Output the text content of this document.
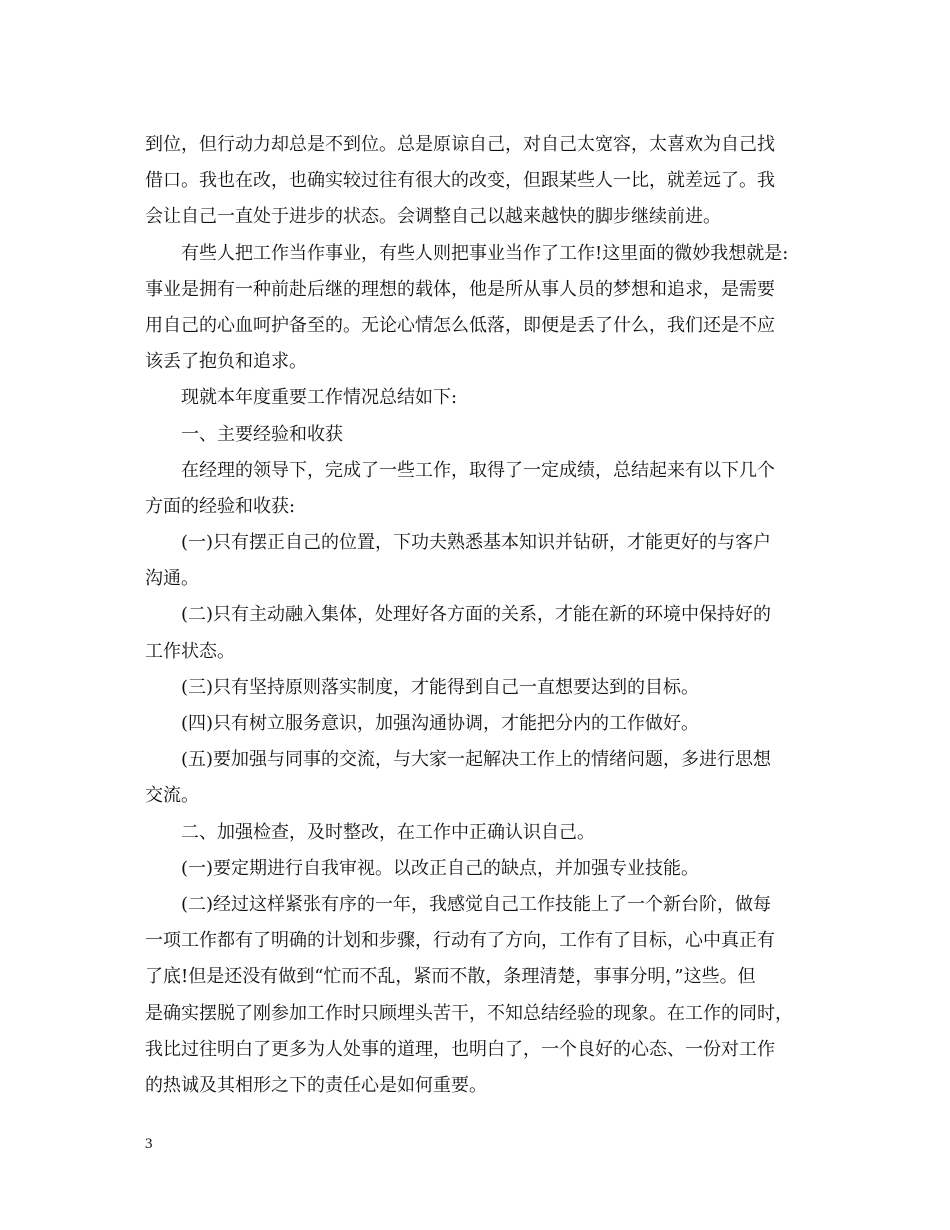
到位，但行动力却总是不到位。总是原谅自己，对自己太宽容，太喜欢为自己找
借口。我也在改，也确实较过往有很大的改变，但跟某些人一比，就差远了。我
会让自己一直处于进步的状态。会调整自己以越来越快的脚步继续前进。
有些人把工作当作事业，有些人则把事业当作了工作!这里面的微妙我想就是:
事业是拥有一种前赴后继的理想的载体，他是所从事人员的梦想和追求，是需要
用自己的心血呵护备至的。无论心情怎么低落，即便是丢了什么，我们还是不应
该丢了抱负和追求。
现就本年度重要工作情况总结如下:
一、主要经验和收获
在经理的领导下，完成了一些工作，取得了一定成绩，总结起来有以下几个
方面的经验和收获:
(一)只有摆正自己的位置，下功夫熟悉基本知识并钻研，才能更好的与客户
沟通。
(二)只有主动融入集体，处理好各方面的关系，才能在新的环境中保持好的
工作状态。
(三)只有坚持原则落实制度，才能得到自己一直想要达到的目标。
(四)只有树立服务意识，加强沟通协调，才能把分内的工作做好。
(五)要加强与同事的交流，与大家一起解决工作上的情绪问题，多进行思想
交流。
二、加强检查，及时整改，在工作中正确认识自己。
(一)要定期进行自我审视。以改正自己的缺点，并加强专业技能。
(二)经过这样紧张有序的一年，我感觉自己工作技能上了一个新台阶，做每
一项工作都有了明确的计划和步骤，行动有了方向，工作有了目标，心中真正有
了底!但是还没有做到“忙而不乱，紧而不散，条理清楚，事事分明，”这些。但
是确实摆脱了刚参加工作时只顾埋头苦干，不知总结经验的现象。在工作的同时，
我比过往明白了更多为人处事的道理，也明白了，一个良好的心态、一份对工作
的热诚及其相形之下的责任心是如何重要。
3
